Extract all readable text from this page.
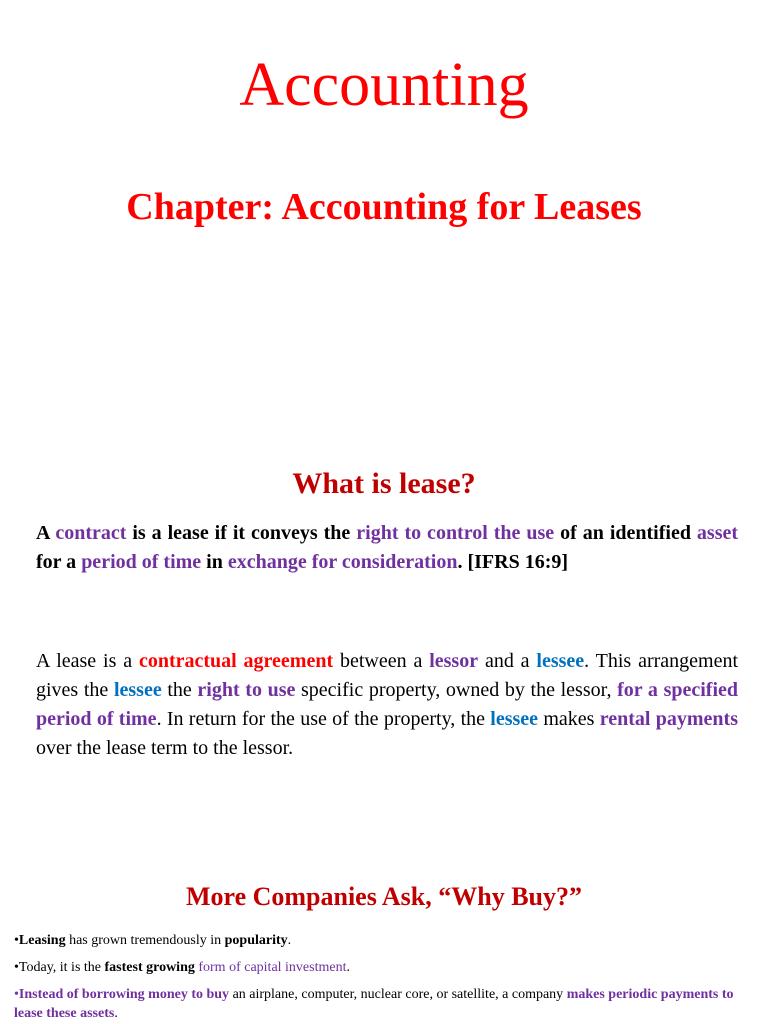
Accounting
Chapter: Accounting for Leases
What is lease?
A contract is a lease if it conveys the right to control the use of an identified asset for a period of time in exchange for consideration. [IFRS 16:9]
A lease is a contractual agreement between a lessor and a lessee. This arrangement gives the lessee the right to use specific property, owned by the lessor, for a specified period of time. In return for the use of the property, the lessee makes rental payments over the lease term to the lessor.
More Companies Ask, “Why Buy?”

•Leasing has grown tremendously in popularity.

•Today, it is the fastest growing form of capital investment.

•Instead of borrowing money to buy an airplane, computer, nuclear core, or satellite, a company makes periodic payments to lease these assets.
